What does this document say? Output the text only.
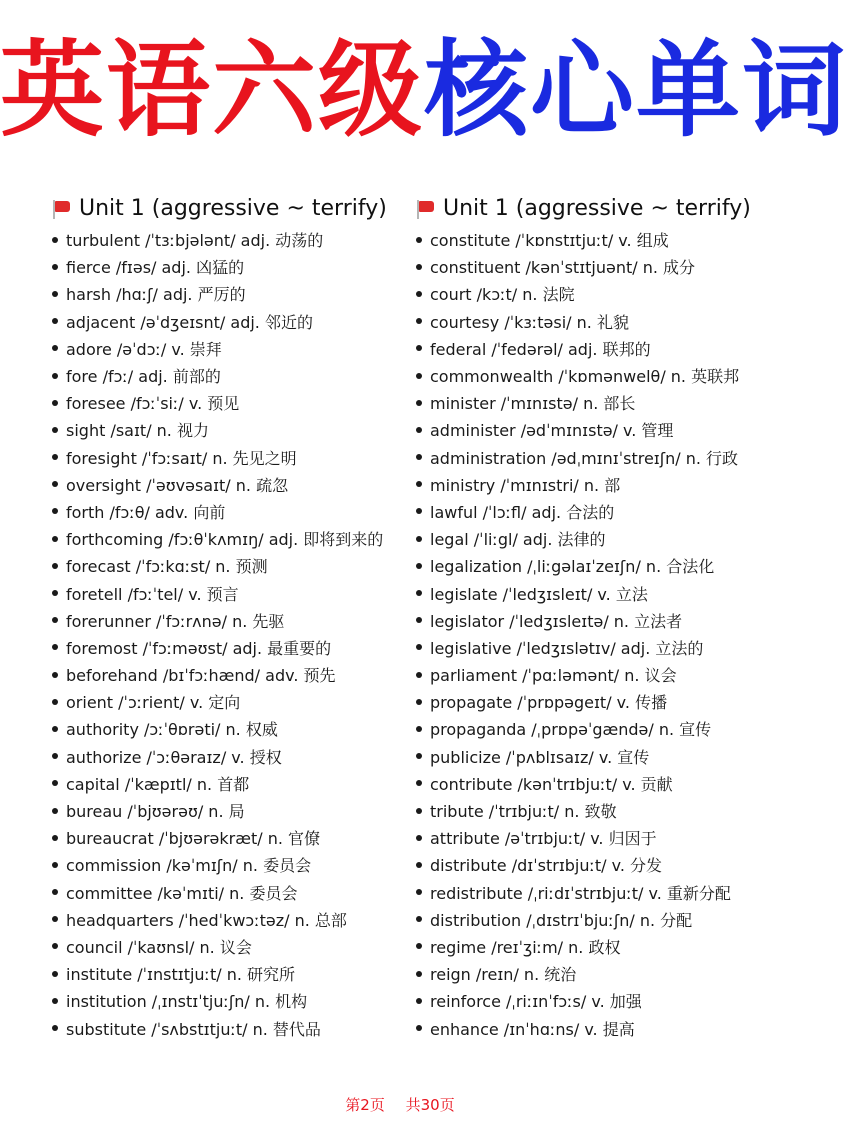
英语六级核心单词
Unit 1 (aggressive ~ terrify)
turbulent /ˈtɜːbjələnt/ adj. 动荡的
fierce /fɪəs/ adj. 凶猛的
harsh /hɑːʃ/ adj. 严厉的
adjacent /əˈdʒeɪsnt/ adj. 邻近的
adore /əˈdɔː/ v. 崇拜
fore /fɔː/ adj. 前部的
foresee /fɔːˈsiː/ v. 预见
sight /saɪt/ n. 视力
foresight /ˈfɔːsaɪt/ n. 先见之明
oversight /ˈəʊvəsaɪt/ n. 疏忽
forth /fɔːθ/ adv. 向前
forthcoming /fɔːθˈkʌmɪŋ/ adj. 即将到来的
forecast /ˈfɔːkɑːst/ n. 预测
foretell /fɔːˈtel/ v. 预言
forerunner /ˈfɔːrʌnə/ n. 先驱
foremost /ˈfɔːməʊst/ adj. 最重要的
beforehand /bɪˈfɔːhænd/ adv. 预先
orient /ˈɔːrient/ v. 定向
authority /ɔːˈθɒrəti/ n. 权威
authorize /ˈɔːθəraɪz/ v. 授权
capital /ˈkæpɪtl/ n. 首都
bureau /ˈbjʊərəʊ/ n. 局
bureaucrat /ˈbjʊərəkræt/ n. 官僚
commission /kəˈmɪʃn/ n. 委员会
committee /kəˈmɪti/ n. 委员会
headquarters /ˈhedˈkwɔːtəz/ n. 总部
council /ˈkaʊnsl/ n. 议会
institute /ˈɪnstɪtjuːt/ n. 研究所
institution /ˌɪnstɪˈtjuːʃn/ n. 机构
substitute /ˈsʌbstɪtjuːt/ n. 替代品
Unit 1 (aggressive ~ terrify)
constitute /ˈkɒnstɪtjuːt/ v. 组成
constituent /kənˈstɪtjuənt/ n. 成分
court /kɔːt/ n. 法院
courtesy /ˈkɜːtəsi/ n. 礼貌
federal /ˈfedərəl/ adj. 联邦的
commonwealth /ˈkɒmənwelθ/ n. 英联邦
minister /ˈmɪnɪstə/ n. 部长
administer /ədˈmɪnɪstə/ v. 管理
administration /ədˌmɪnɪˈstreɪʃn/ n. 行政
ministry /ˈmɪnɪstri/ n. 部
lawful /ˈlɔːfl/ adj. 合法的
legal /ˈliːgl/ adj. 法律的
legalization /ˌliːgəlaɪˈzeɪʃn/ n. 合法化
legislate /ˈledʒɪsleɪt/ v. 立法
legislator /ˈledʒɪsleɪtə/ n. 立法者
legislative /ˈledʒɪslətɪv/ adj. 立法的
parliament /ˈpɑːləmənt/ n. 议会
propagate /ˈprɒpəgeɪt/ v. 传播
propaganda /ˌprɒpəˈgændə/ n. 宣传
publicize /ˈpʌblɪsaɪz/ v. 宣传
contribute /kənˈtrɪbjuːt/ v. 贡献
tribute /ˈtrɪbjuːt/ n. 致敬
attribute /əˈtrɪbjuːt/ v. 归因于
distribute /dɪˈstrɪbjuːt/ v. 分发
redistribute /ˌriːdɪˈstrɪbjuːt/ v. 重新分配
distribution /ˌdɪstrɪˈbjuːʃn/ n. 分配
regime /reɪˈʒiːm/ n. 政权
reign /reɪn/ n. 统治
reinforce /ˌriːɪnˈfɔːs/ v. 加强
enhance /ɪnˈhɑːns/ v. 提高
第2页 共30页
